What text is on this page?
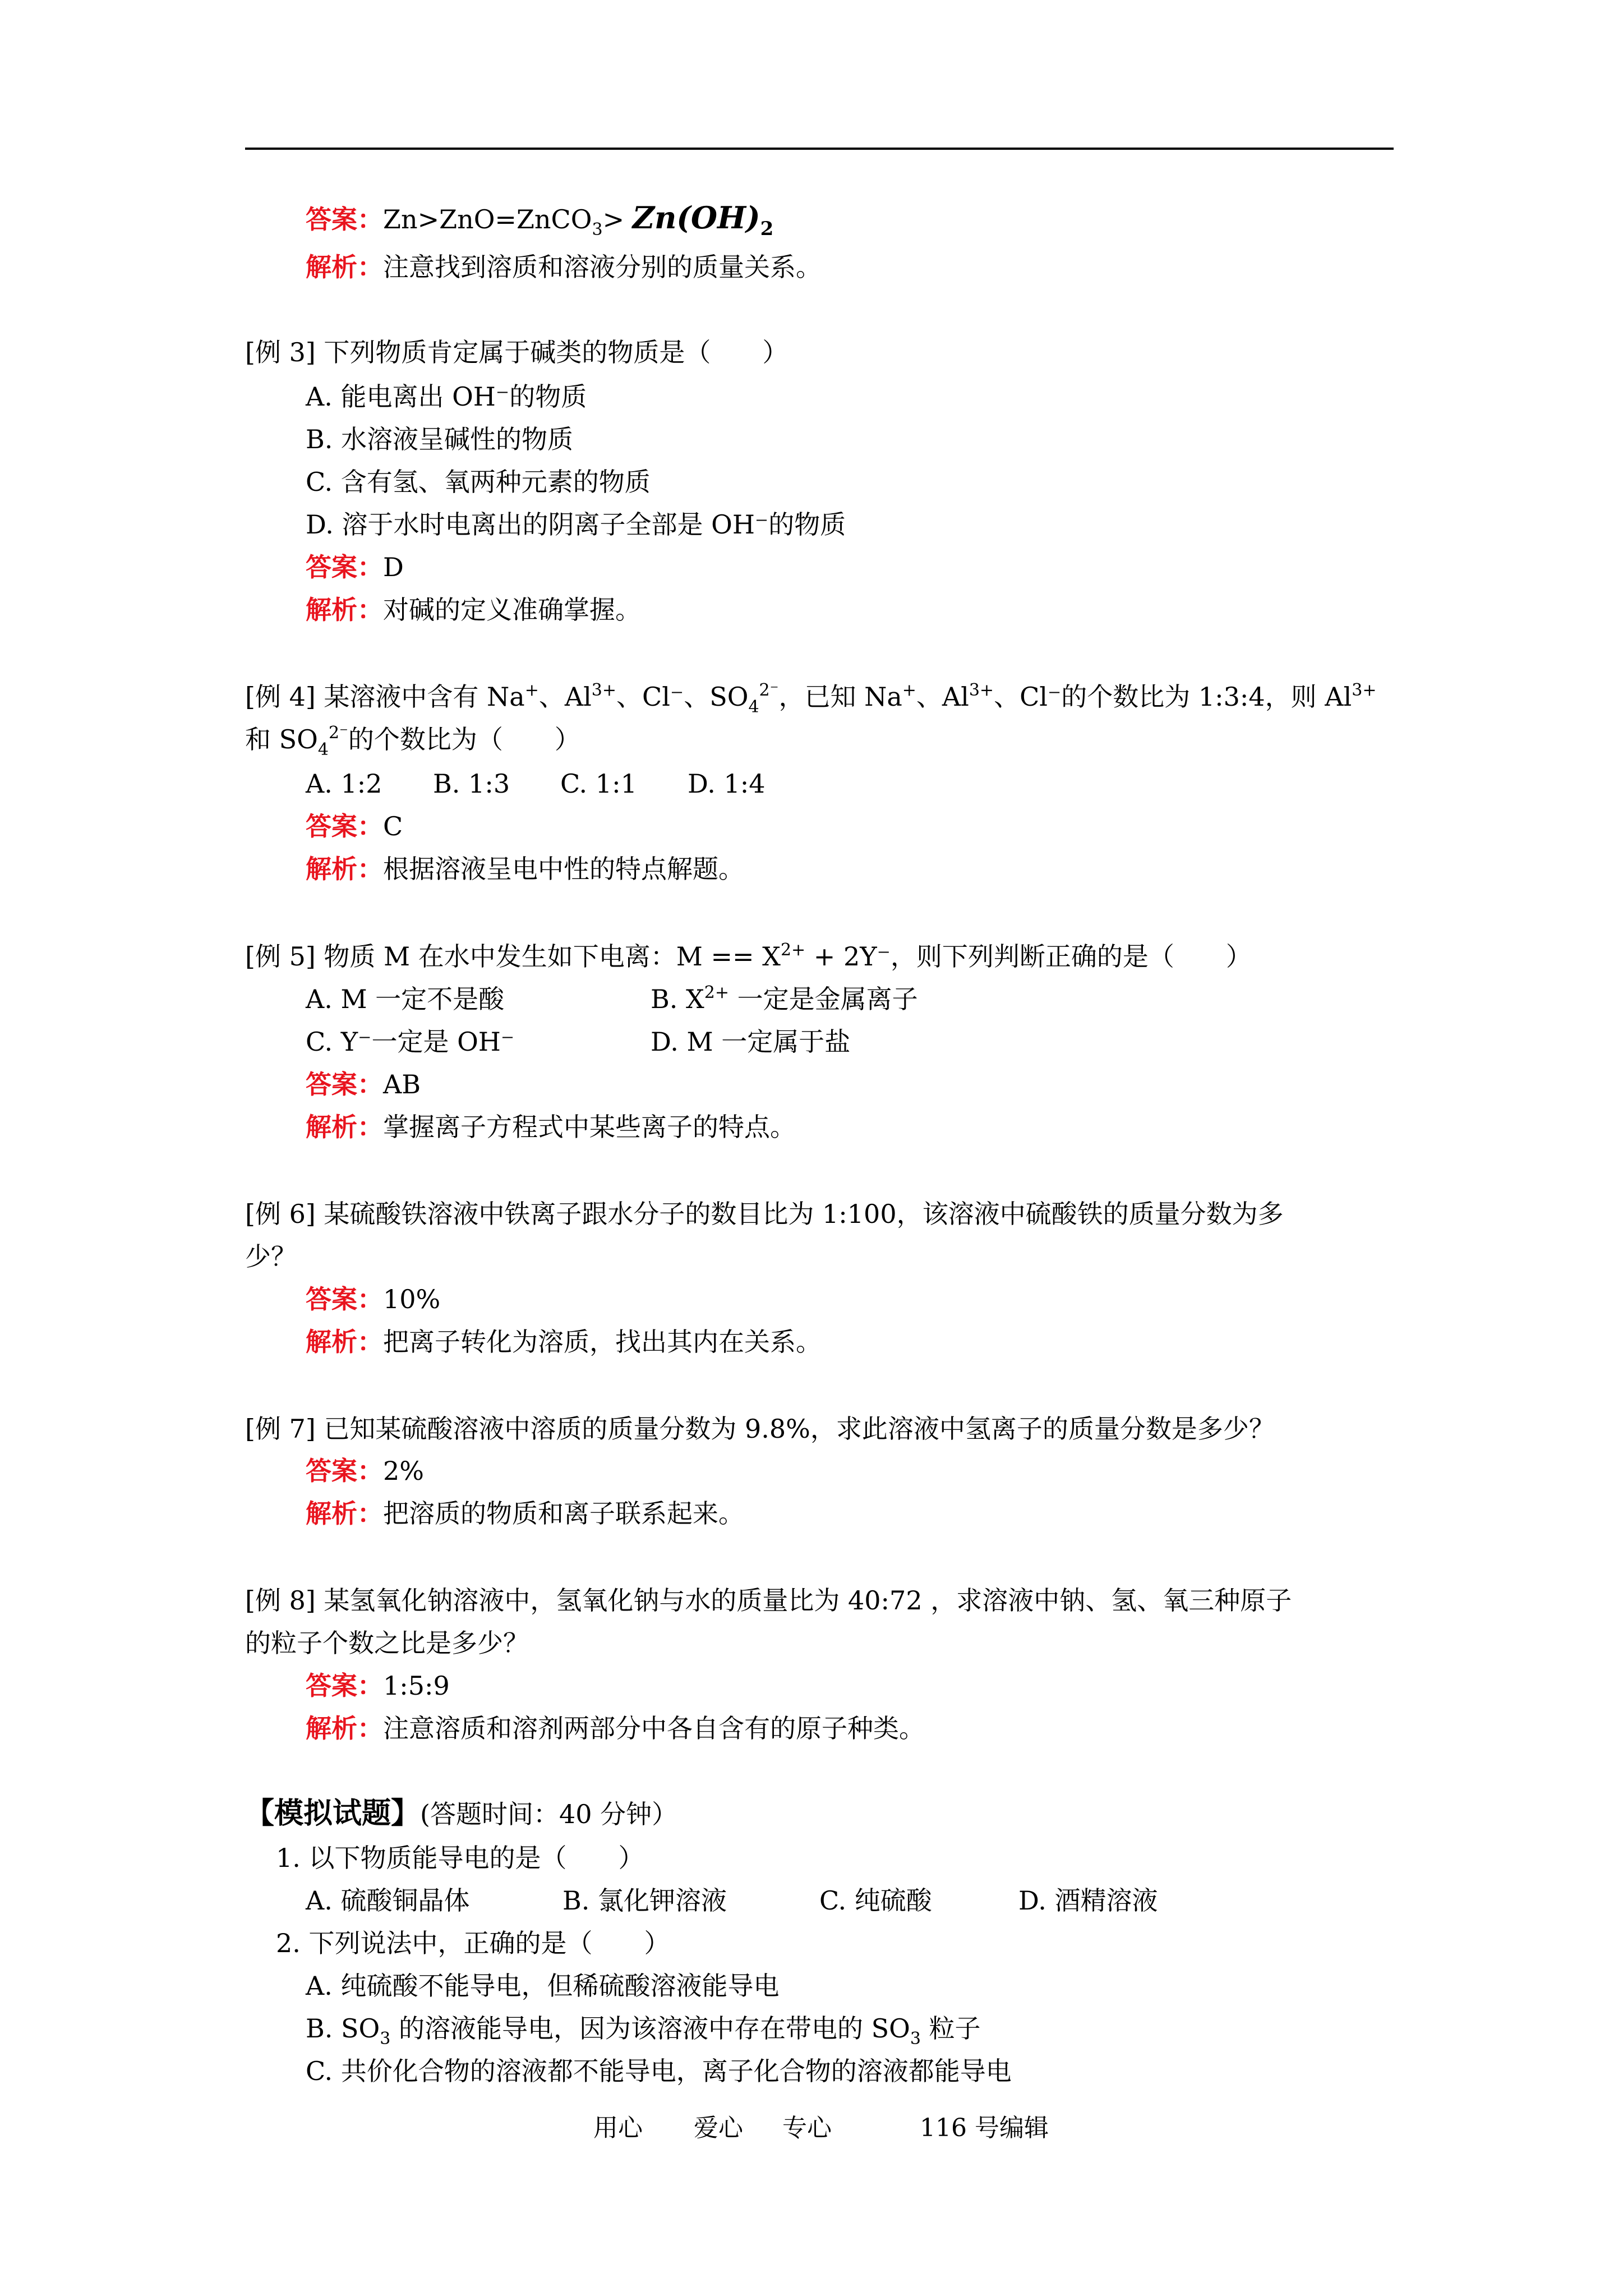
答案：Zn>ZnO=ZnCO$_3$> $Zn(OH)_2$
解析：注意找到溶质和溶液分别的质量关系。
[例 3] 下列物质肯定属于碱类的物质是（　　）
A. 能电离出 OH⁻的物质
B. 水溶液呈碱性的物质
C. 含有氢、氧两种元素的物质
D. 溶于水时电离出的阴离子全部是 OH⁻的物质
答案：D
解析：对碱的定义准确掌握。
[例 4] 某溶液中含有 Na+、$Al^{3+}$、Cl⁻、$SO_4^{2^-}$，已知 Na+、$Al^{3+}$、Cl⁻的个数比为 1:3:4，则 $Al^{3+}$
和 $SO_4^{2^-}$的个数比为（　　）
A. 1:2 B. 1:3 C. 1:1 D. 1:4
答案：C
解析：根据溶液呈电中性的特点解题。
[例 5] 物质 M 在水中发生如下电离：$M == X^{2+} + 2Y^-$，则下列判断正确的是（　　）
A. M 一定不是酸	B. $X^{2+}$ 一定是金属离子
C. Y⁻一定是 OH⁻	D. M 一定属于盐
答案：AB
解析：掌握离子方程式中某些离子的特点。
[例 6] 某硫酸铁溶液中铁离子跟水分子的数目比为 1:100，该溶液中硫酸铁的质量分数为多
少？
答案：10%
解析：把离子转化为溶质，找出其内在关系。
[例 7] 已知某硫酸溶液中溶质的质量分数为 9.8%，求此溶液中氢离子的质量分数是多少？
答案：2%
解析：把溶质的物质和离子联系起来。
[例 8] 某氢氧化钠溶液中，氢氧化钠与水的质量比为 40:72 ，求溶液中钠、氢、氧三种原子
的粒子个数之比是多少？
答案：1:5:9
解析：注意溶质和溶剂两部分中各自含有的原子种类。
【模拟试题】(答题时间：40 分钟）
1. 以下物质能导电的是（　　）
A. 硫酸铜晶体	B. 氯化钾溶液	C. 纯硫酸	D. 酒精溶液
2. 下列说法中，正确的是（　　）
A. 纯硫酸不能导电，但稀硫酸溶液能导电
B. $SO_3$ 的溶液能导电，因为该溶液中存在带电的 $SO_3$ 粒子
C. 共价化合物的溶液都不能导电，离子化合物的溶液都能导电
用心 爱心 专心	116 号编辑
